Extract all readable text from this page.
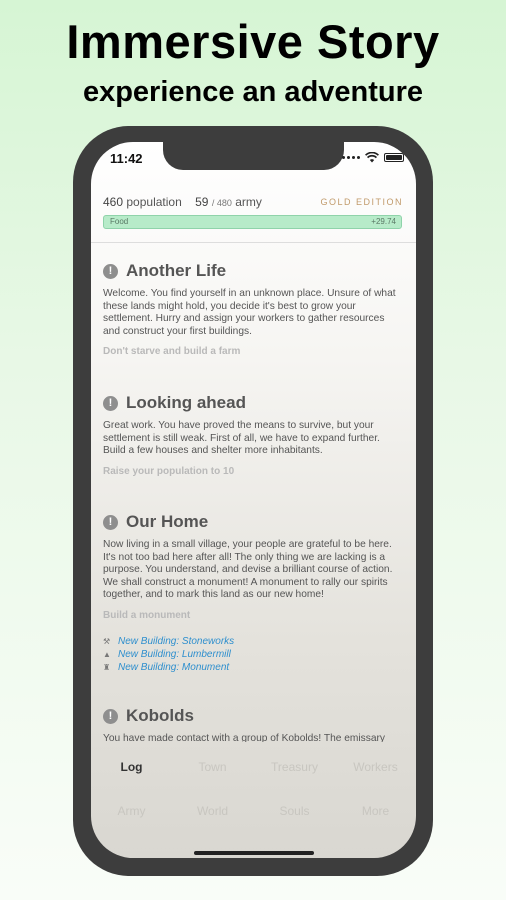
Immersive Story
experience an adventure
11:42
460 population 59 / 480 army	GOLD EDITION
Food	+29.74
! Another Life

Welcome. You find yourself in an unknown place. Unsure of what these lands might hold, you decide it's best to grow your settlement. Hurry and assign your workers to gather resources and construct your first buildings.

Don't starve and build a farm
! Looking ahead

Great work. You have proved the means to survive, but your settlement is still weak. First of all, we have to expand further. Build a few houses and shelter more inhabitants.

Raise your population to 10
! Our Home

Now living in a small village, your people are grateful to be here. It's not too bad here after all! The only thing we are lacking is a purpose. You understand, and devise a brilliant course of action. We shall construct a monument! A monument to rally our spirits together, and to mark this land as our new home!

Build a monument
⚒ New Building: Stoneworks
▲ New Building: Lumbermill
♜ New Building: Monument
! Kobolds

You have made contact with a group of Kobolds! The emissary

Log	Town	Treasury	Workers
Army	World	Souls	More
